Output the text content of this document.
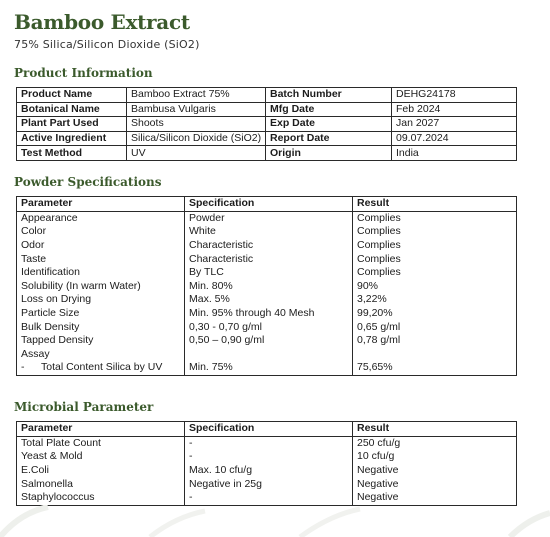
Bamboo Extract
75% Silica/Silicon Dioxide (SiO2)
Product Information
Product Name	Bamboo Extract 75%	Batch Number	DEHG24178
Botanical Name	Bambusa Vulgaris	Mfg Date	Feb 2024
Plant Part Used	Shoots	Exp Date	Jan 2027
Active Ingredient	Silica/Silicon Dioxide (SiO2)	Report Date	09.07.2024
Test Method	UV	Origin	India
Powder Specifications
Parameter	Specification	Result
Appearance	Powder	Complies
Color	White	Complies
Odor	Characteristic	Complies
Taste	Characteristic	Complies
Identification	By TLC	Complies
Solubility (In warm Water)	Min. 80%	90%
Loss on Drying	Max. 5%	3,22%
Particle Size	Min. 95% through 40 Mesh	99,20%
Bulk Density	0,30 - 0,70 g/ml	0,65 g/ml
Tapped Density	0,50 – 0,90 g/ml	0,78 g/ml
Assay		
- Total Content Silica by UV	Min. 75%	75,65%
Microbial Parameter
Parameter	Specification	Result
Total Plate Count	-	250 cfu/g
Yeast & Mold	-	10 cfu/g
E.Coli	Max. 10 cfu/g	Negative
Salmonella	Negative in 25g	Negative
Staphylococcus	-	Negative
